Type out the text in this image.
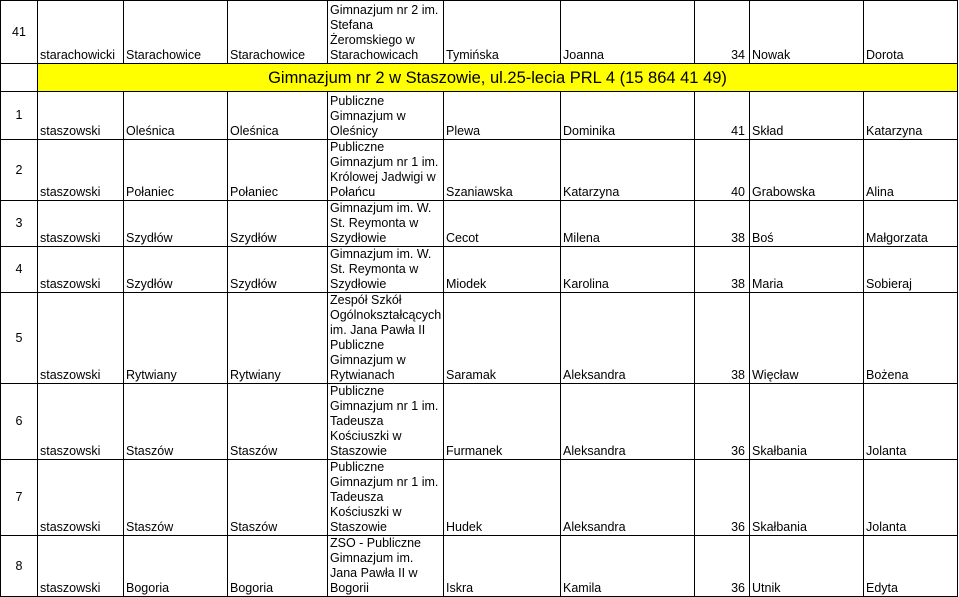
41	starachowicki	Starachowice	Starachowice	Gimnazjum nr 2 im. Stefana Żeromskiego w Starachowicach	Tymińska	Joanna	34	Nowak	Dorota
	Gimnazjum nr 2 w Staszowie, ul.25-lecia PRL 4 (15 864 41 49)								
1	staszowski	Oleśnica	Oleśnica	Publiczne Gimnazjum w Oleśnicy	Plewa	Dominika	41	Skład	Katarzyna
2	staszowski	Połaniec	Połaniec	Publiczne Gimnazjum nr 1 im. Królowej Jadwigi w Połańcu	Szaniawska	Katarzyna	40	Grabowska	Alina
3	staszowski	Szydłów	Szydłów	Gimnazjum im. W. St. Reymonta w Szydłowie	Cecot	Milena	38	Boś	Małgorzata
4	staszowski	Szydłów	Szydłów	Gimnazjum im. W. St. Reymonta w Szydłowie	Miodek	Karolina	38	Maria	Sobieraj
5	staszowski	Rytwiany	Rytwiany	Zespół Szkół Ogólnokształcących im. Jana Pawła II Publiczne Gimnazjum w Rytwianach	Saramak	Aleksandra	38	Więcław	Bożena
6	staszowski	Staszów	Staszów	Publiczne Gimnazjum nr 1 im. Tadeusza Kościuszki w Staszowie	Furmanek	Aleksandra	36	Skałbania	Jolanta
7	staszowski	Staszów	Staszów	Publiczne Gimnazjum nr 1 im. Tadeusza Kościuszki w Staszowie	Hudek	Aleksandra	36	Skałbania	Jolanta
8	staszowski	Bogoria	Bogoria	ZSO - Publiczne Gimnazjum im. Jana Pawła II w Bogorii	Iskra	Kamila	36	Utnik	Edyta
